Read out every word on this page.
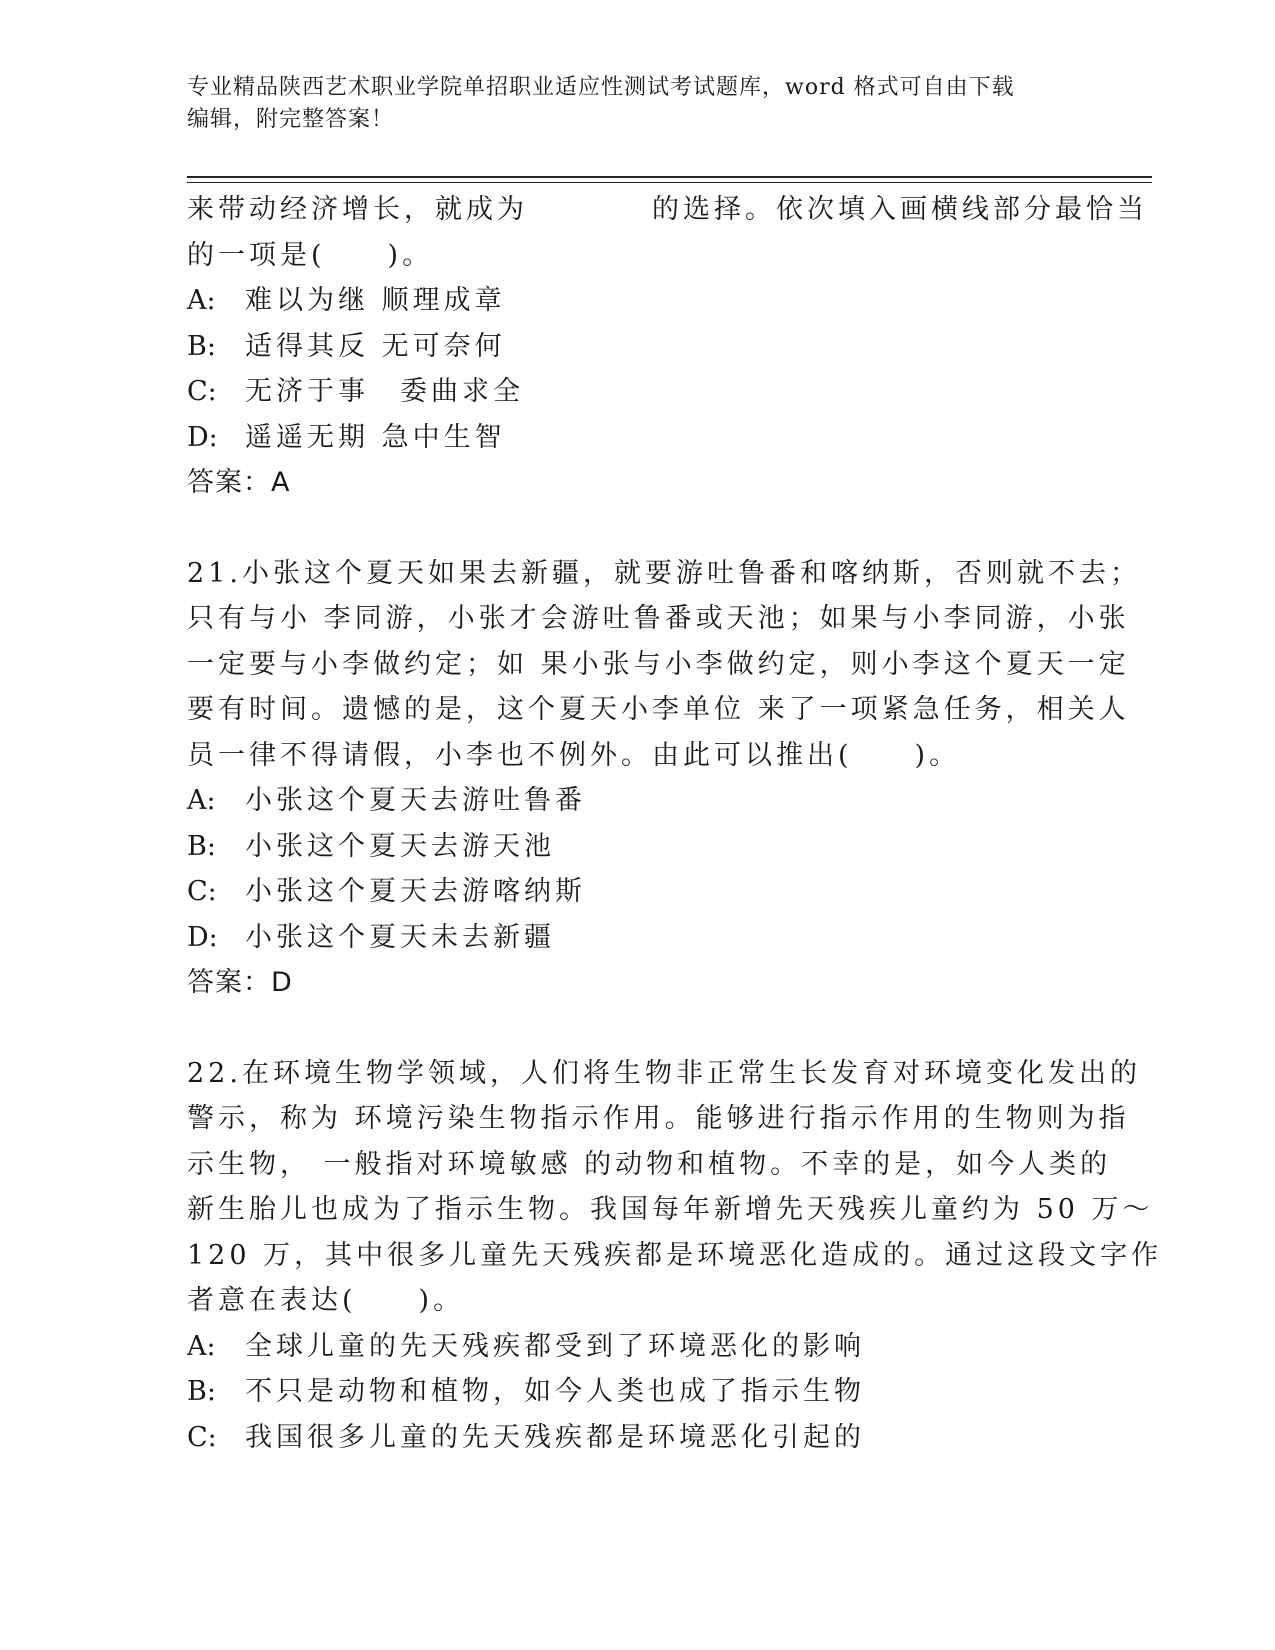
专业精品陕西艺术职业学院单招职业适应性测试考试题库，word 格式可自由下载
编辑，附完整答案！
来带动经济增长，就成为　　　　的选择。依次填入画横线部分最恰当
的一项是(　　)。
A: 难以为继 顺理成章
B: 适得其反 无可奈何
C: 无济于事　委曲求全
D: 遥遥无期 急中生智
答案：A
21.小张这个夏天如果去新疆，就要游吐鲁番和喀纳斯，否则就不去；
只有与小 李同游，小张才会游吐鲁番或天池；如果与小李同游，小张
一定要与小李做约定；如 果小张与小李做约定，则小李这个夏天一定
要有时间。遗憾的是，这个夏天小李单位 来了一项紧急任务，相关人
员一律不得请假，小李也不例外。由此可以推出(　　)。
A: 小张这个夏天去游吐鲁番
B: 小张这个夏天去游天池
C: 小张这个夏天去游喀纳斯
D: 小张这个夏天未去新疆
答案：D
22.在环境生物学领域，人们将生物非正常生长发育对环境变化发出的
警示，称为 环境污染生物指示作用。能够进行指示作用的生物则为指
示生物， 一般指对环境敏感 的动物和植物。不幸的是，如今人类的
新生胎儿也成为了指示生物。我国每年新增先天残疾儿童约为 50 万～
120 万，其中很多儿童先天残疾都是环境恶化造成的。通过这段文字作
者意在表达(　　)。
A: 全球儿童的先天残疾都受到了环境恶化的影响
B: 不只是动物和植物，如今人类也成了指示生物
C: 我国很多儿童的先天残疾都是环境恶化引起的
